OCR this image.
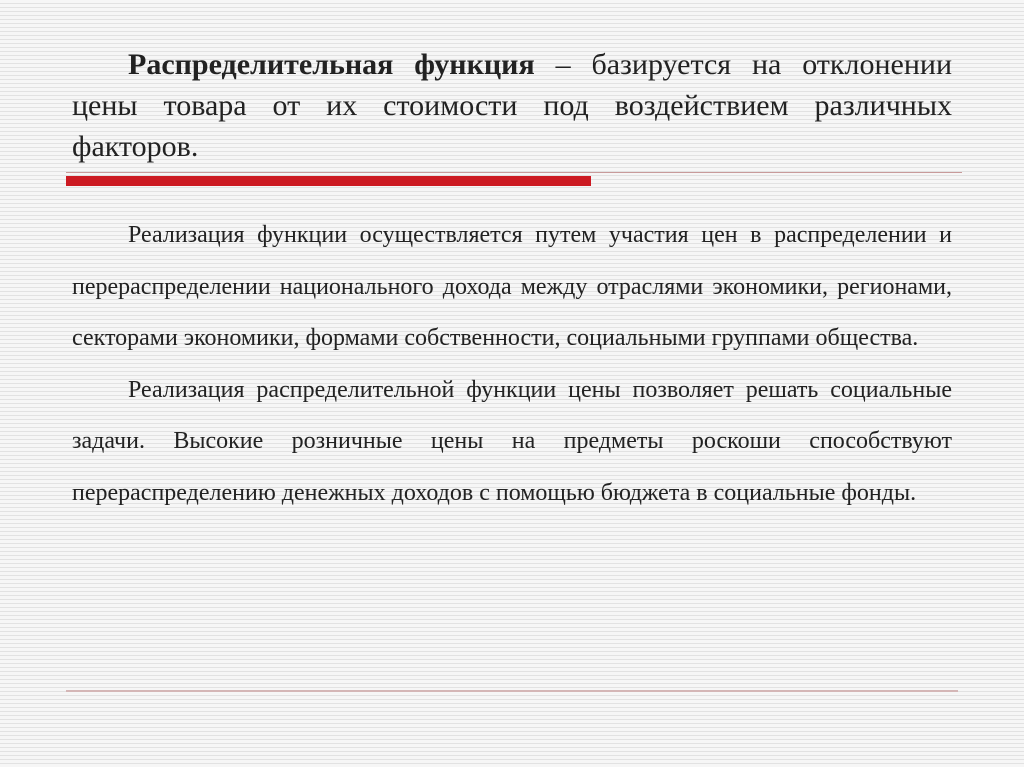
Распределительная функция – базируется на отклонении цены товара от их стоимости под воздействием различных факторов.

Реализация функции осуществляется путем участия цен в распределении и перераспределении национального дохода между отраслями экономики, регионами, секторами экономики, формами собственности, социальными группами общества.

Реализация распределительной функции цены позволяет решать социальные задачи. Высокие розничные цены на предметы роскоши способствуют перераспределению денежных доходов с помощью бюджета в социальные фонды.
